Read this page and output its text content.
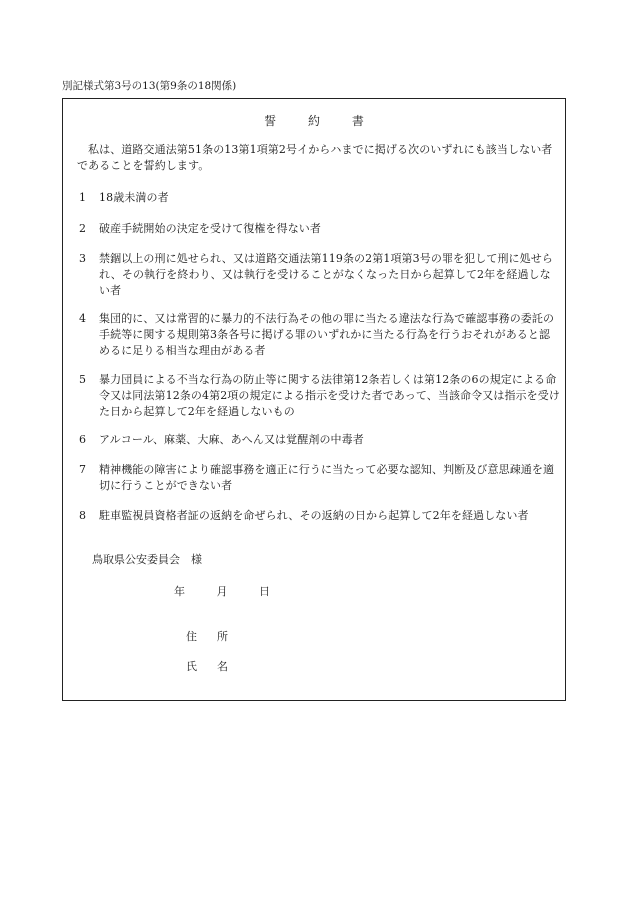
別記様式第3号の13(第9条の18関係)
誓	約	書
私は、道路交通法第51条の13第1項第2号イからハまでに掲げる次のいずれにも該当しない者であることを誓約します。
1	18歳未満の者
2	破産手続開始の決定を受けて復権を得ない者
3	禁錮以上の刑に処せられ、又は道路交通法第119条の2第1項第3号の罪を犯して刑に処せられ、その執行を終わり、又は執行を受けることがなくなった日から起算して2年を経過しない者
4	集団的に、又は常習的に暴力的不法行為その他の罪に当たる違法な行為で確認事務の委託の手続等に関する規則第3条各号に掲げる罪のいずれかに当たる行為を行うおそれがあると認めるに足りる相当な理由がある者
5	暴力団員による不当な行為の防止等に関する法律第12条若しくは第12条の6の規定による命令又は同法第12条の4第2項の規定による指示を受けた者であって、当該命令又は指示を受けた日から起算して2年を経過しないもの
6	アルコール、麻薬、大麻、あへん又は覚醒剤の中毒者
7	精神機能の障害により確認事務を適正に行うに当たって必要な認知、判断及び意思疎通を適切に行うことができない者
8	駐車監視員資格者証の返納を命ぜられ、その返納の日から起算して2年を経過しない者
鳥取県公安委員会　様
年	月	日
住所
氏名
